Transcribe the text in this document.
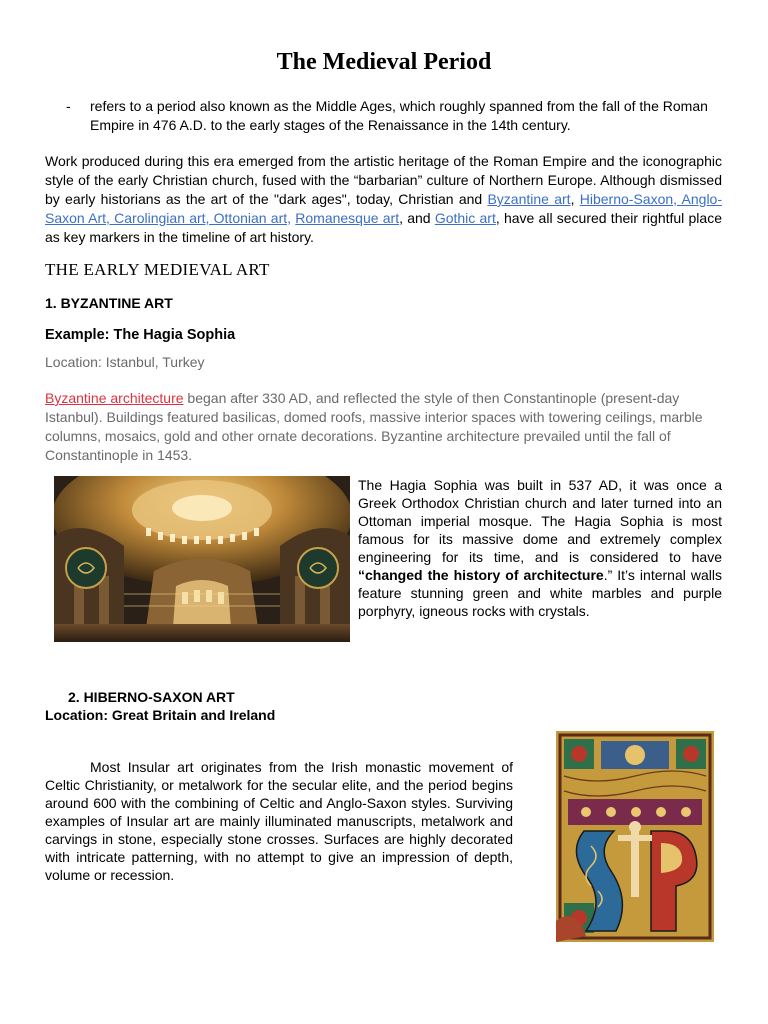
The Medieval Period
- refers to a period also known as the Middle Ages, which roughly spanned from the fall of the Roman Empire in 476 A.D. to the early stages of the Renaissance in the 14th century.
Work produced during this era emerged from the artistic heritage of the Roman Empire and the iconographic style of the early Christian church, fused with the “barbarian” culture of Northern Europe. Although dismissed by early historians as the art of the "dark ages", today, Christian and Byzantine art, Hiberno-Saxon, Anglo-Saxon Art, Carolingian art, Ottonian art, Romanesque art, and Gothic art, have all secured their rightful place as key markers in the timeline of art history.
THE EARLY MEDIEVAL ART
1. BYZANTINE ART
Example: The Hagia Sophia
Location: Istanbul, Turkey
Byzantine architecture began after 330 AD, and reflected the style of then Constantinople (present-day Istanbul). Buildings featured basilicas, domed roofs, massive interior spaces with towering ceilings, marble columns, mosaics, gold and other ornate decorations. Byzantine architecture prevailed until the fall of Constantinople in 1453.
The Hagia Sophia was built in 537 AD, it was once a Greek Orthodox Christian church and later turned into an Ottoman imperial mosque. The Hagia Sophia is most famous for its massive dome and extremely complex engineering for its time, and is considered to have “changed the history of architecture.” It’s internal walls feature stunning green and white marbles and purple porphyry, igneous rocks with crystals.
2. HIBERNO-SAXON ART
Location: Great Britain and Ireland
Most Insular art originates from the Irish monastic movement of Celtic Christianity, or metalwork for the secular elite, and the period begins around 600 with the combining of Celtic and Anglo-Saxon styles. Surviving examples of Insular art are mainly illuminated manuscripts, metalwork and carvings in stone, especially stone crosses. Surfaces are highly decorated with intricate patterning, with no attempt to give an impression of depth, volume or recession.
